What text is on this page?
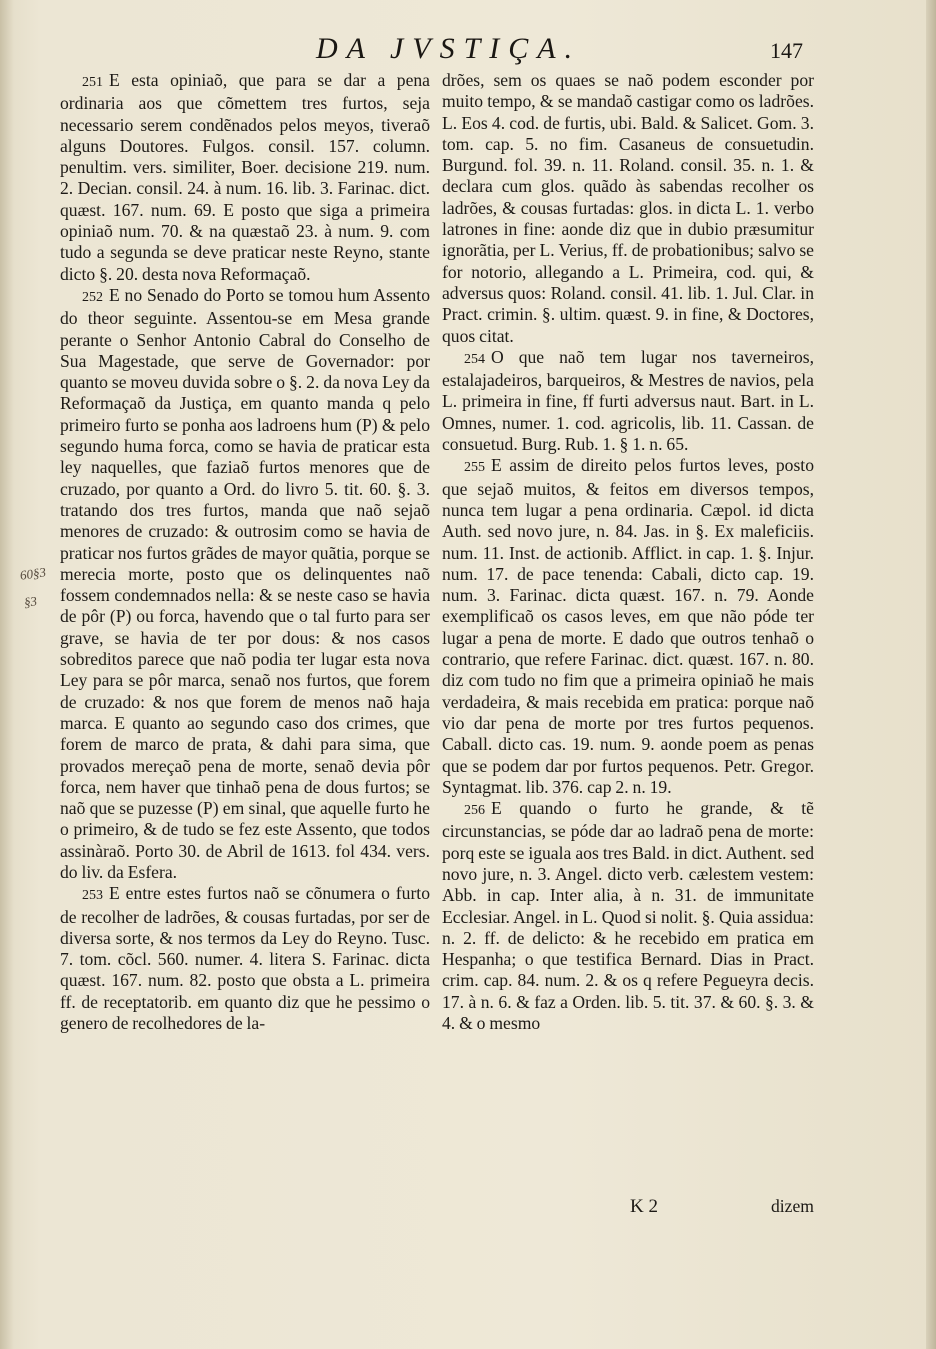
DA JVSTIÇA.	147

251 E esta opiniaõ, que para se dar a pena ordinaria aos que cõmettem tres furtos, seja necessario serem condẽnados pelos meyos, tiveraõ alguns Doutores. Fulgos. consil. 157. column. penultim. vers. similiter, Boer. decisione 219. num. 2. Decian. consil. 24. à num. 16. lib. 3. Farinac. dict. quæst. 167. num. 69. E posto que siga a primeira opiniaõ num. 70. & na quæstaõ 23. à num. 9. com tudo a segunda se deve praticar neste Reyno, stante dicto §. 20. desta nova Reformaçaõ.

252 E no Senado do Porto se tomou hum Assento do theor seguinte. Assentou-se em Mesa grande perante o Senhor Antonio Cabral do Conselho de Sua Magestade, que serve de Governador: por quanto se moveu duvida sobre o §. 2. da nova Ley da Reformaçaõ da Justiça, em quanto manda q pelo primeiro furto se ponha aos ladroens hum (P) & pelo segundo huma forca, como se havia de praticar esta ley naquelles, que faziaõ furtos menores que de cruzado, por quanto a Ord. do livro 5. tit. 60. §. 3. tratando dos tres furtos, manda que naõ sejaõ menores de cruzado: & outrosim como se havia de praticar nos furtos grãdes de mayor quãtia, porque se merecia morte, posto que os delinquentes naõ fossem condemnados nella: & se neste caso se havia de pôr (P) ou forca, havendo que o tal furto para ser grave, se havia de ter por dous: & nos casos sobreditos parece que naõ podia ter lugar esta nova Ley para se pôr marca, senaõ nos furtos, que forem de cruzado: & nos que forem de menos naõ haja marca. E quanto ao segundo caso dos crimes, que forem de marco de prata, & dahi para sima, que provados mereçaõ pena de morte, senaõ devia pôr forca, nem haver que tinhaõ pena de dous furtos; se naõ que se puzesse (P) em sinal, que aquelle furto he o primeiro, & de tudo se fez este Assento, que todos assinàraõ. Porto 30. de Abril de 1613. fol 434. vers. do liv. da Esfera.

253 E entre estes furtos naõ se cõnumera o furto de recolher de ladrões, & cousas furtadas, por ser de diversa sorte, & nos termos da Ley do Reyno. Tusc. 7. tom. cõcl. 560. numer. 4. litera S. Farinac. dicta quæst. 167. num. 82. posto que obsta a L. primeira ff. de receptatorib. em quanto diz que he pessimo o genero de recolhedores de la-

60§3
§3

drões, sem os quaes se naõ podem esconder por muito tempo, & se mandaõ castigar como os ladrões. L. Eos 4. cod. de furtis, ubi. Bald. & Salicet. Gom. 3. tom. cap. 5. no fim. Casaneus de consuetudin. Burgund. fol. 39. n. 11. Roland. consil. 35. n. 1. & declara cum glos. quãdo às sabendas recolher os ladrões, & cousas furtadas: glos. in dicta L. 1. verbo latrones in fine: aonde diz que in dubio præsumitur ignorãtia, per L. Verius, ff. de probationibus; salvo se for notorio, allegando a L. Primeira, cod. qui, & adversus quos: Roland. consil. 41. lib. 1. Jul. Clar. in Pract. crimin. §. ultim. quæst. 9. in fine, & Doctores, quos citat.

254 O que naõ tem lugar nos taverneiros, estalajadeiros, barqueiros, & Mestres de navios, pela L. primeira in fine, ff furti adversus naut. Bart. in L. Omnes, numer. 1. cod. agricolis, lib. 11. Cassan. de consuetud. Burg. Rub. 1. § 1. n. 65.

255 E assim de direito pelos furtos leves, posto que sejaõ muitos, & feitos em diversos tempos, nunca tem lugar a pena ordinaria. Cæpol. id dicta Auth. sed novo jure, n. 84. Jas. in §. Ex maleficiis. num. 11. Inst. de actionib. Afflict. in cap. 1. §. Injur. num. 17. de pace tenenda: Cabali, dicto cap. 19. num. 3. Farinac. dicta quæst. 167. n. 79. Aonde exemplificaõ os casos leves, em que não póde ter lugar a pena de morte. E dado que outros tenhaõ o contrario, que refere Farinac. dict. quæst. 167. n. 80. diz com tudo no fim que a primeira opiniaõ he mais verdadeira, & mais recebida em pratica: porque naõ vio dar pena de morte por tres furtos pequenos. Caball. dicto cas. 19. num. 9. aonde poem as penas que se podem dar por furtos pequenos. Petr. Gregor. Syntagmat. lib. 376. cap 2. n. 19.

256 E quando o furto he grande, & tẽ circunstancias, se póde dar ao ladraõ pena de morte: porq este se iguala aos tres Bald. in dict. Authent. sed novo jure, n. 3. Angel. dicto verb. cælestem vestem: Abb. in cap. Inter alia, à n. 31. de immunitate Ecclesiar. Angel. in L. Quod si nolit. §. Quia assidua: n. 2. ff. de delicto: & he recebido em pratica em Hespanha; o que testifica Bernard. Dias in Pract. crim. cap. 84. num. 2. & os q refere Pegueyra decis. 17. à n. 6. & faz a Orden. lib. 5. tit. 37. & 60. §. 3. & 4. & o mesmo

K 2	dizem
